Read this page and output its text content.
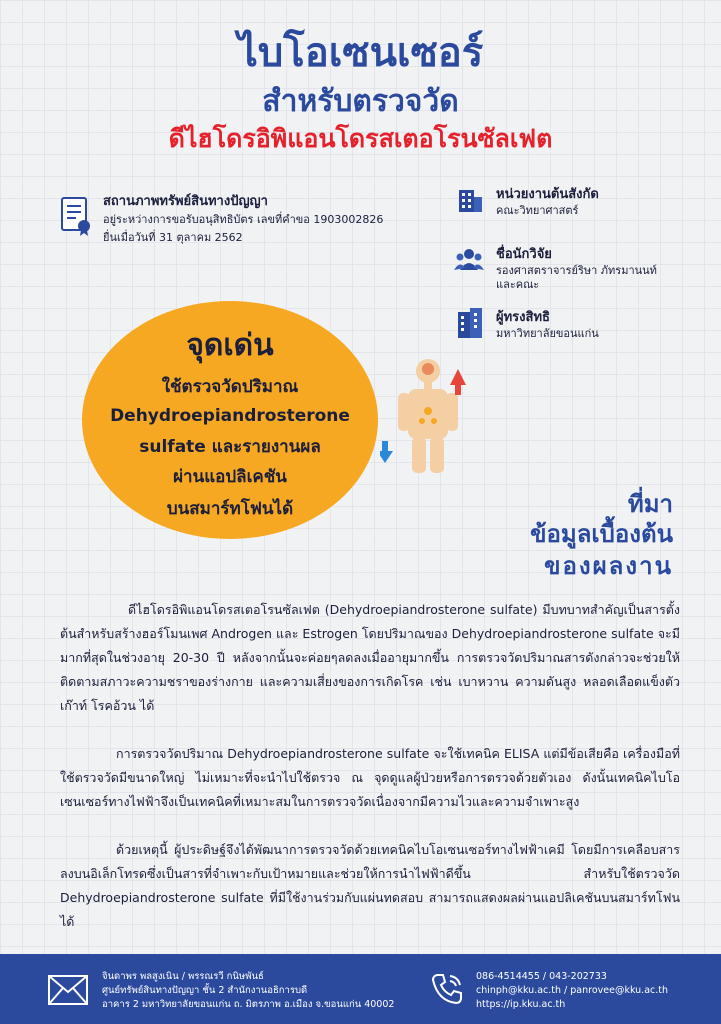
ไบโอเซนเซอร์
สำหรับตรวจวัด
ดีไฮโดรอิพิแอนโดรสเตอโรนซัลเฟต
สถานภาพทรัพย์สินทางปัญญา
อยู่ระหว่างการขอรับอนุสิทธิบัตร เลขที่คำขอ 1903002826
ยื่นเมื่อวันที่ 31 ตุลาคม 2562
หน่วยงานต้นสังกัด
คณะวิทยาศาสตร์
ชื่อนักวิจัย
รองศาสตราจารย์ริษา ภัทรมานนท์
และคณะ
ผู้ทรงสิทธิ
มหาวิทยาลัยขอนแก่น
จุดเด่น
ใช้ตรวจวัดปริมาณ
Dehydroepiandrosterone
sulfate และรายงานผล
ผ่านแอปลิเคชัน
บนสมาร์ทโฟนได้	ที่มา
ข้อมูลเบื้องต้น
ของผลงาน
ดีไฮโดรอิพิแอนโดรสเตอโรนซัลเฟต (Dehydroepiandrosterone sulfate) มีบทบาทสำคัญเป็นสารตั้งต้นสำหรับสร้างฮอร์โมนเพศ Androgen และ Estrogen โดยปริมาณของ Dehydroepiandrosterone sulfate จะมีมากที่สุดในช่วงอายุ 20-30 ปี หลังจากนั้นจะค่อยๆลดลงเมื่ออายุมากขึ้น การตรวจวัดปริมาณสารดังกล่าวจะช่วยให้ติดตามสภาวะความชราของร่างกาย และความเสี่ยงของการเกิดโรค เช่น เบาหวาน ความดันสูง หลอดเลือดแข็งตัว เก๊าท์ โรคอ้วน ได้
การตรวจวัดปริมาณ Dehydroepiandrosterone sulfate จะใช้เทคนิค ELISA แต่มีข้อเสียคือ เครื่องมือที่ใช้ตรวจวัดมีขนาดใหญ่ ไม่เหมาะที่จะนำไปใช้ตรวจ ณ จุดดูแลผู้ป่วยหรือการตรวจด้วยตัวเอง ดังนั้นเทคนิคไบโอเซนเซอร์ทางไฟฟ้าจึงเป็นเทคนิคที่เหมาะสมในการตรวจวัดเนื่องจากมีความไวและความจำเพาะสูง
ด้วยเหตุนี้ ผู้ประดิษฐ์จึงได้พัฒนาการตรวจวัดด้วยเทคนิคไบโอเซนเซอร์ทางไฟฟ้าเคมี โดยมีการเคลือบสารลงบนอิเล็กโทรดซึ่งเป็นสารที่จำเพาะกับเป้าหมายและช่วยให้การนำไฟฟ้าดีขึ้น สำหรับใช้ตรวจวัด Dehydroepiandrosterone sulfate ที่มีใช้งานร่วมกับแผ่นทดสอบ สามารถแสดงผลผ่านแอปลิเคชันบนสมาร์ทโฟนได้
จินดาพร พลสูงเนิน / พรรณรวี กนิษพันธ์
ศูนย์ทรัพย์สินทางปัญญา ชั้น 2 สำนักงานอธิการบดี
อาคาร 2 มหาวิทยาลัยขอนแก่น ถ. มิตรภาพ อ.เมือง จ.ขอนแก่น 40002
086-4514455 / 043-202733
chinph@kku.ac.th / panrovee@kku.ac.th
https://ip.kku.ac.th
